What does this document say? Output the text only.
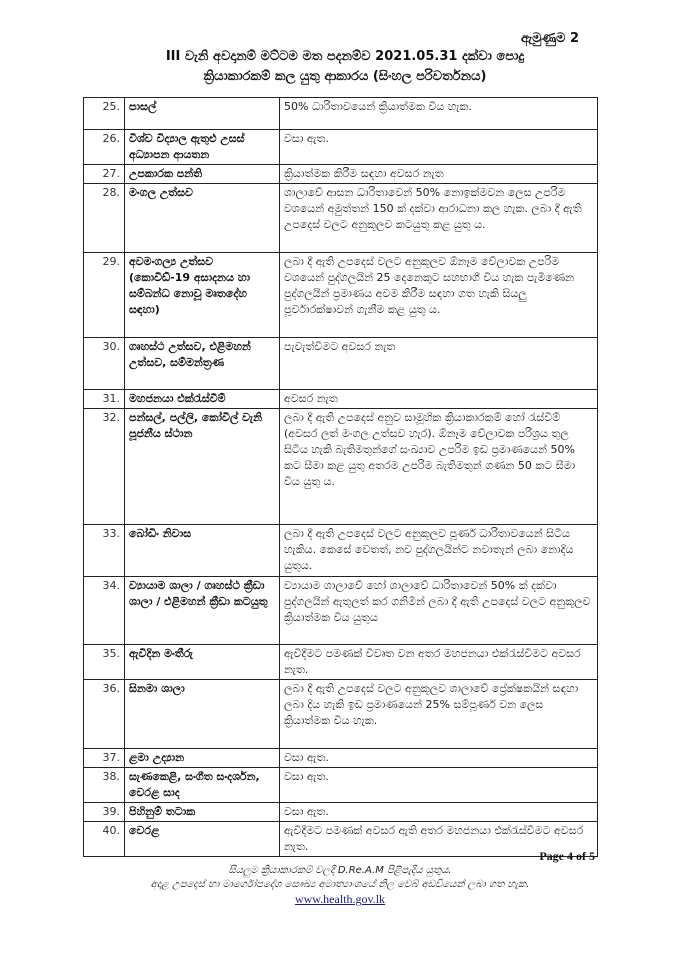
ඇමුණුම 2
III වැනි අවදානම් මට්ටම මත පදනම්ව 2021.05.31 දක්වා පොදු
ක්‍රියාකාරකම් කල යුතු ආකාරය (සිංහල පරිවර්තනය)
25.	පාසල්	50% ධාරිතාවයෙන් ක්‍රියාත්මක විය හැක.
26.	විශ්ව විද්‍යාල ඇතුළු උසස් අධ්‍යාපන ආයතන	වසා ඇත.
27.	උපකාරක පන්ති	ක්‍රියාත්මක කිරීම සඳහා අවසර නැත
28.	මංගල උත්සව	ශාලාවේ ආසන ධාරිතාවෙන් 50% නොඉක්මවන ලෙස උපරිම වශයෙන් අමුත්තන් 150 ක් දක්වා ආරාධනා කල හැක. ලබා දී ඇති උපදෙස් වලට අනුකූලව කටයුතු කළ යුතු ය.
29.	අවමංගල්‍ය උත්සව (කොවිඩ්-19 අසාදනය හා සම්බන්ධ නොවූ මෘතදේහ සඳහා)	ලබා දී ඇති උපදෙස් වලට අනුකූලව ඕනෑම වේලාවක උපරිම වශයෙන් පුද්ගලයින් 25 දෙනෙකුට සහභාගී විය හැක පැමිණෙන පුද්ගලයින් ප්‍රමාණය අවම කිරීම සඳහා ගත හැකි සියලු පූර්වාරක්ෂාවන් ගැනීම කළ යුතු ය.
30.	ගෘහස්ථ උත්සව, එළිමහන් උත්සව, සම්මන්ත්‍රණ	පැවැත්වීමට අවසර නැත
31.	මහජනයා එක්රැස්වීම්	අවසර නැත
32.	පන්සල්, පල්ලි, කෝවිල් වැනි පූජනීය ස්ථාන	ලබා දී ඇති උපදෙස් අනුව සාමූහික ක්‍රියාකාරකම් හෝ රැස්වීම් (අවසර ලත් මංගල උත්සව හැර). ඕනෑම වේලාවක පරිශ්‍රය තුල සිටිය හැකි බැතිමතුන්ගේ සංඛ්‍යාව උපරිම ඉඩ ප්‍රමාණයෙන් 50% කට සීමා කළ යුතු අතරම උපරිම බැතිමතුන් ගණන 50 කට සීමා විය යුතු ය.
33.	බෝඩිං නිවාස	ලබා දී ඇති උපදෙස් වලට අනුකූලව පූර්ණ ධාරිතාවයෙන් සිටිය හැකිය. කෙසේ වෙතත්, නව පුද්ගලයින්ට නවාතැන් ලබා නොදිය යුතුය.
34.	ව්‍යායාම ශාලා / ගෘහස්ථ ක්‍රීඩා ශාලා / එළිමහන් ක්‍රීඩා කටයුතු	ව්‍යායාම ශාලාවේ හෝ ශාලාවේ ධාරිතාවෙන් 50% ක් දක්වා පුද්ගලයින් ඇතුලත් කර ගනිමින් ලබා දී ඇති උපදෙස් වලට අනුකූලව ක්‍රියාත්මක විය යුතුය
35.	ඇවිදින මංතීරු	ඇවිදීමට පමණක් විවෘත වන අතර මහජනයා එක්රැස්වීමට අවසර නැත.
36.	සිනමා ශාලා	ලබා දී ඇති උපදෙස් වලට අනුකූලව ශාලාවේ ප්‍රේක්ෂකයින් සඳහා ලබා දිය හැකි ඉඩ ප්‍රමාණයෙන් 25% සම්පූර්ණ වන ලෙස ක්‍රියාත්මක විය හැක.
37.	ළමා උද්‍යාන	වසා ඇත.
38.	සැණකෙළි, සංගීත සංදර්ශන, වෙරළ සාද	වසා ඇත.
39.	පිහිනුම් තටාක	වසා ඇත.
40.	වෙරළ	ඇවිදීමට පමණක් අවසර ඇති අතර මහජනයා එක්රැස්වීමට අවසර නැත.
Page 4 of 5
සියලුම ක්‍රියාකාරකම් වලදී D.Re.A.M පිළිපැදිය යුතුය.
අදාළ උපදෙස් හා මාර්ගෝපදේශ සෞඛ්‍ය අමාත්‍යාංශයේ නිල වෙබ් අඩවියෙන් ලබා ගත හැක.
www.health.gov.lk
